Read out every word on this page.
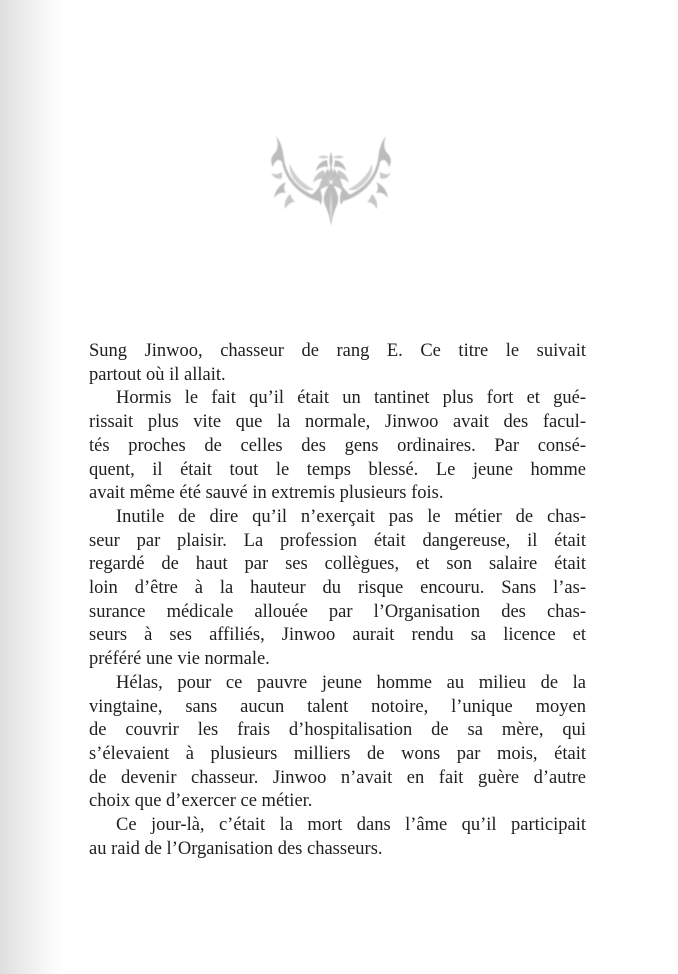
Sung Jinwoo, chasseur de rang E. Ce titre le suivait
partout où il allait.
Hormis le fait qu’il était un tantinet plus fort et gué-
rissait plus vite que la normale, Jinwoo avait des facul-
tés proches de celles des gens ordinaires. Par consé-
quent, il était tout le temps blessé. Le jeune homme
avait même été sauvé in extremis plusieurs fois.
Inutile de dire qu’il n’exerçait pas le métier de chas-
seur par plaisir. La profession était dangereuse, il était
regardé de haut par ses collègues, et son salaire était
loin d’être à la hauteur du risque encouru. Sans l’as-
surance médicale allouée par l’Organisation des chas-
seurs à ses affiliés, Jinwoo aurait rendu sa licence et
préféré une vie normale.
Hélas, pour ce pauvre jeune homme au milieu de la
vingtaine, sans aucun talent notoire, l’unique moyen
de couvrir les frais d’hospitalisation de sa mère, qui
s’élevaient à plusieurs milliers de wons par mois, était
de devenir chasseur. Jinwoo n’avait en fait guère d’autre
choix que d’exercer ce métier.
Ce jour-là, c’était la mort dans l’âme qu’il participait
au raid de l’Organisation des chasseurs.
